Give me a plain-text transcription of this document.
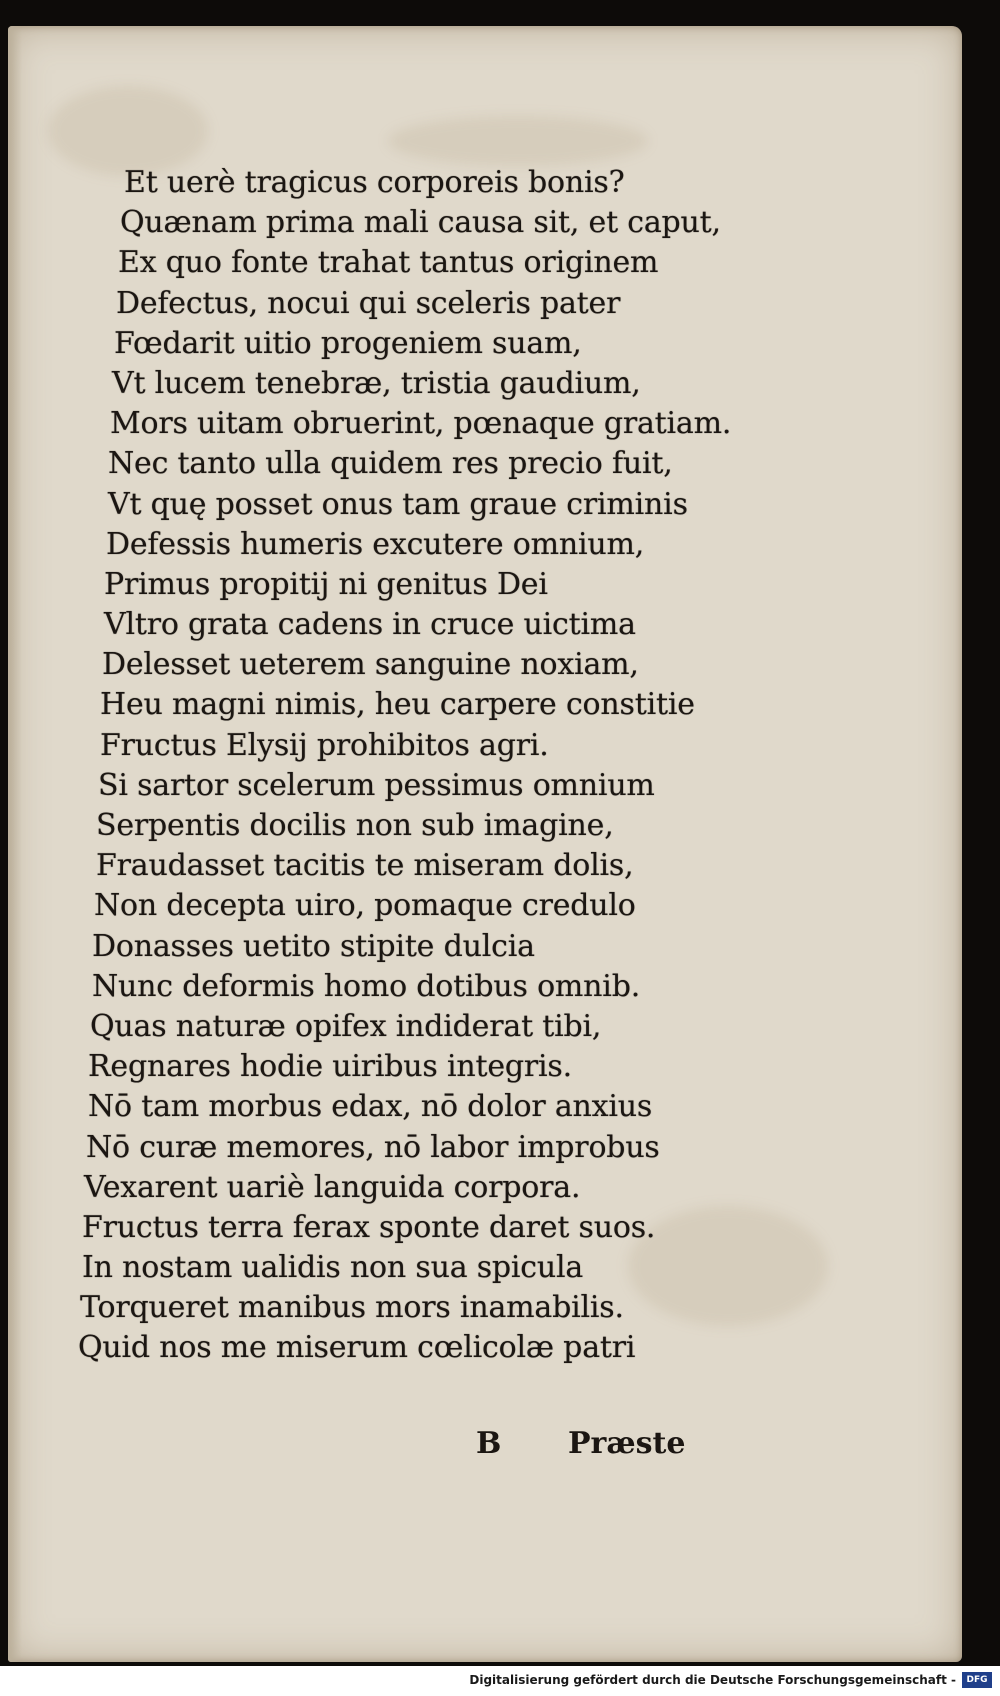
Et uerè tragicus corporeis bonis?
Quænam prima mali causa sit, et caput,
Ex quo fonte trahat tantus originem
Defectus, nocui qui sceleris pater
Fœdarit uitio progeniem suam,
Vt lucem tenebræ, tristia gaudium,
Mors uitam obruerint, pœnaque gratiam.
Nec tanto ulla quidem res precio fuit,
Vt quę posset onus tam graue criminis
Defessis humeris excutere omnium,
Primus propitij ni genitus Dei
Vltro grata cadens in cruce uictima
Delesset ueterem sanguine noxiam,
Heu magni nimis, heu carpere constitie
Fructus Elysij prohibitos agri.
Si sartor scelerum pessimus omnium
Serpentis docilis non sub imagine,
Fraudasset tacitis te miseram dolis,
Non decepta uiro, pomaque credulo
Donasses uetito stipite dulcia
Nunc deformis homo dotibus omnib.
Quas naturæ opifex indiderat tibi,
Regnares hodie uiribus integris.
Nō tam morbus edax, nō dolor anxius
Nō curæ memores, nō labor improbus
Vexarent uariè languida corpora.
Fructus terra ferax sponte daret suos.
In nostam ualidis non sua spicula
Torqueret manibus mors inamabilis.
Quid nos me miserum cœlicolæ patri
B Præste
Digitalisierung gefördert durch die Deutsche Forschungsgemeinschaft -	DFG
